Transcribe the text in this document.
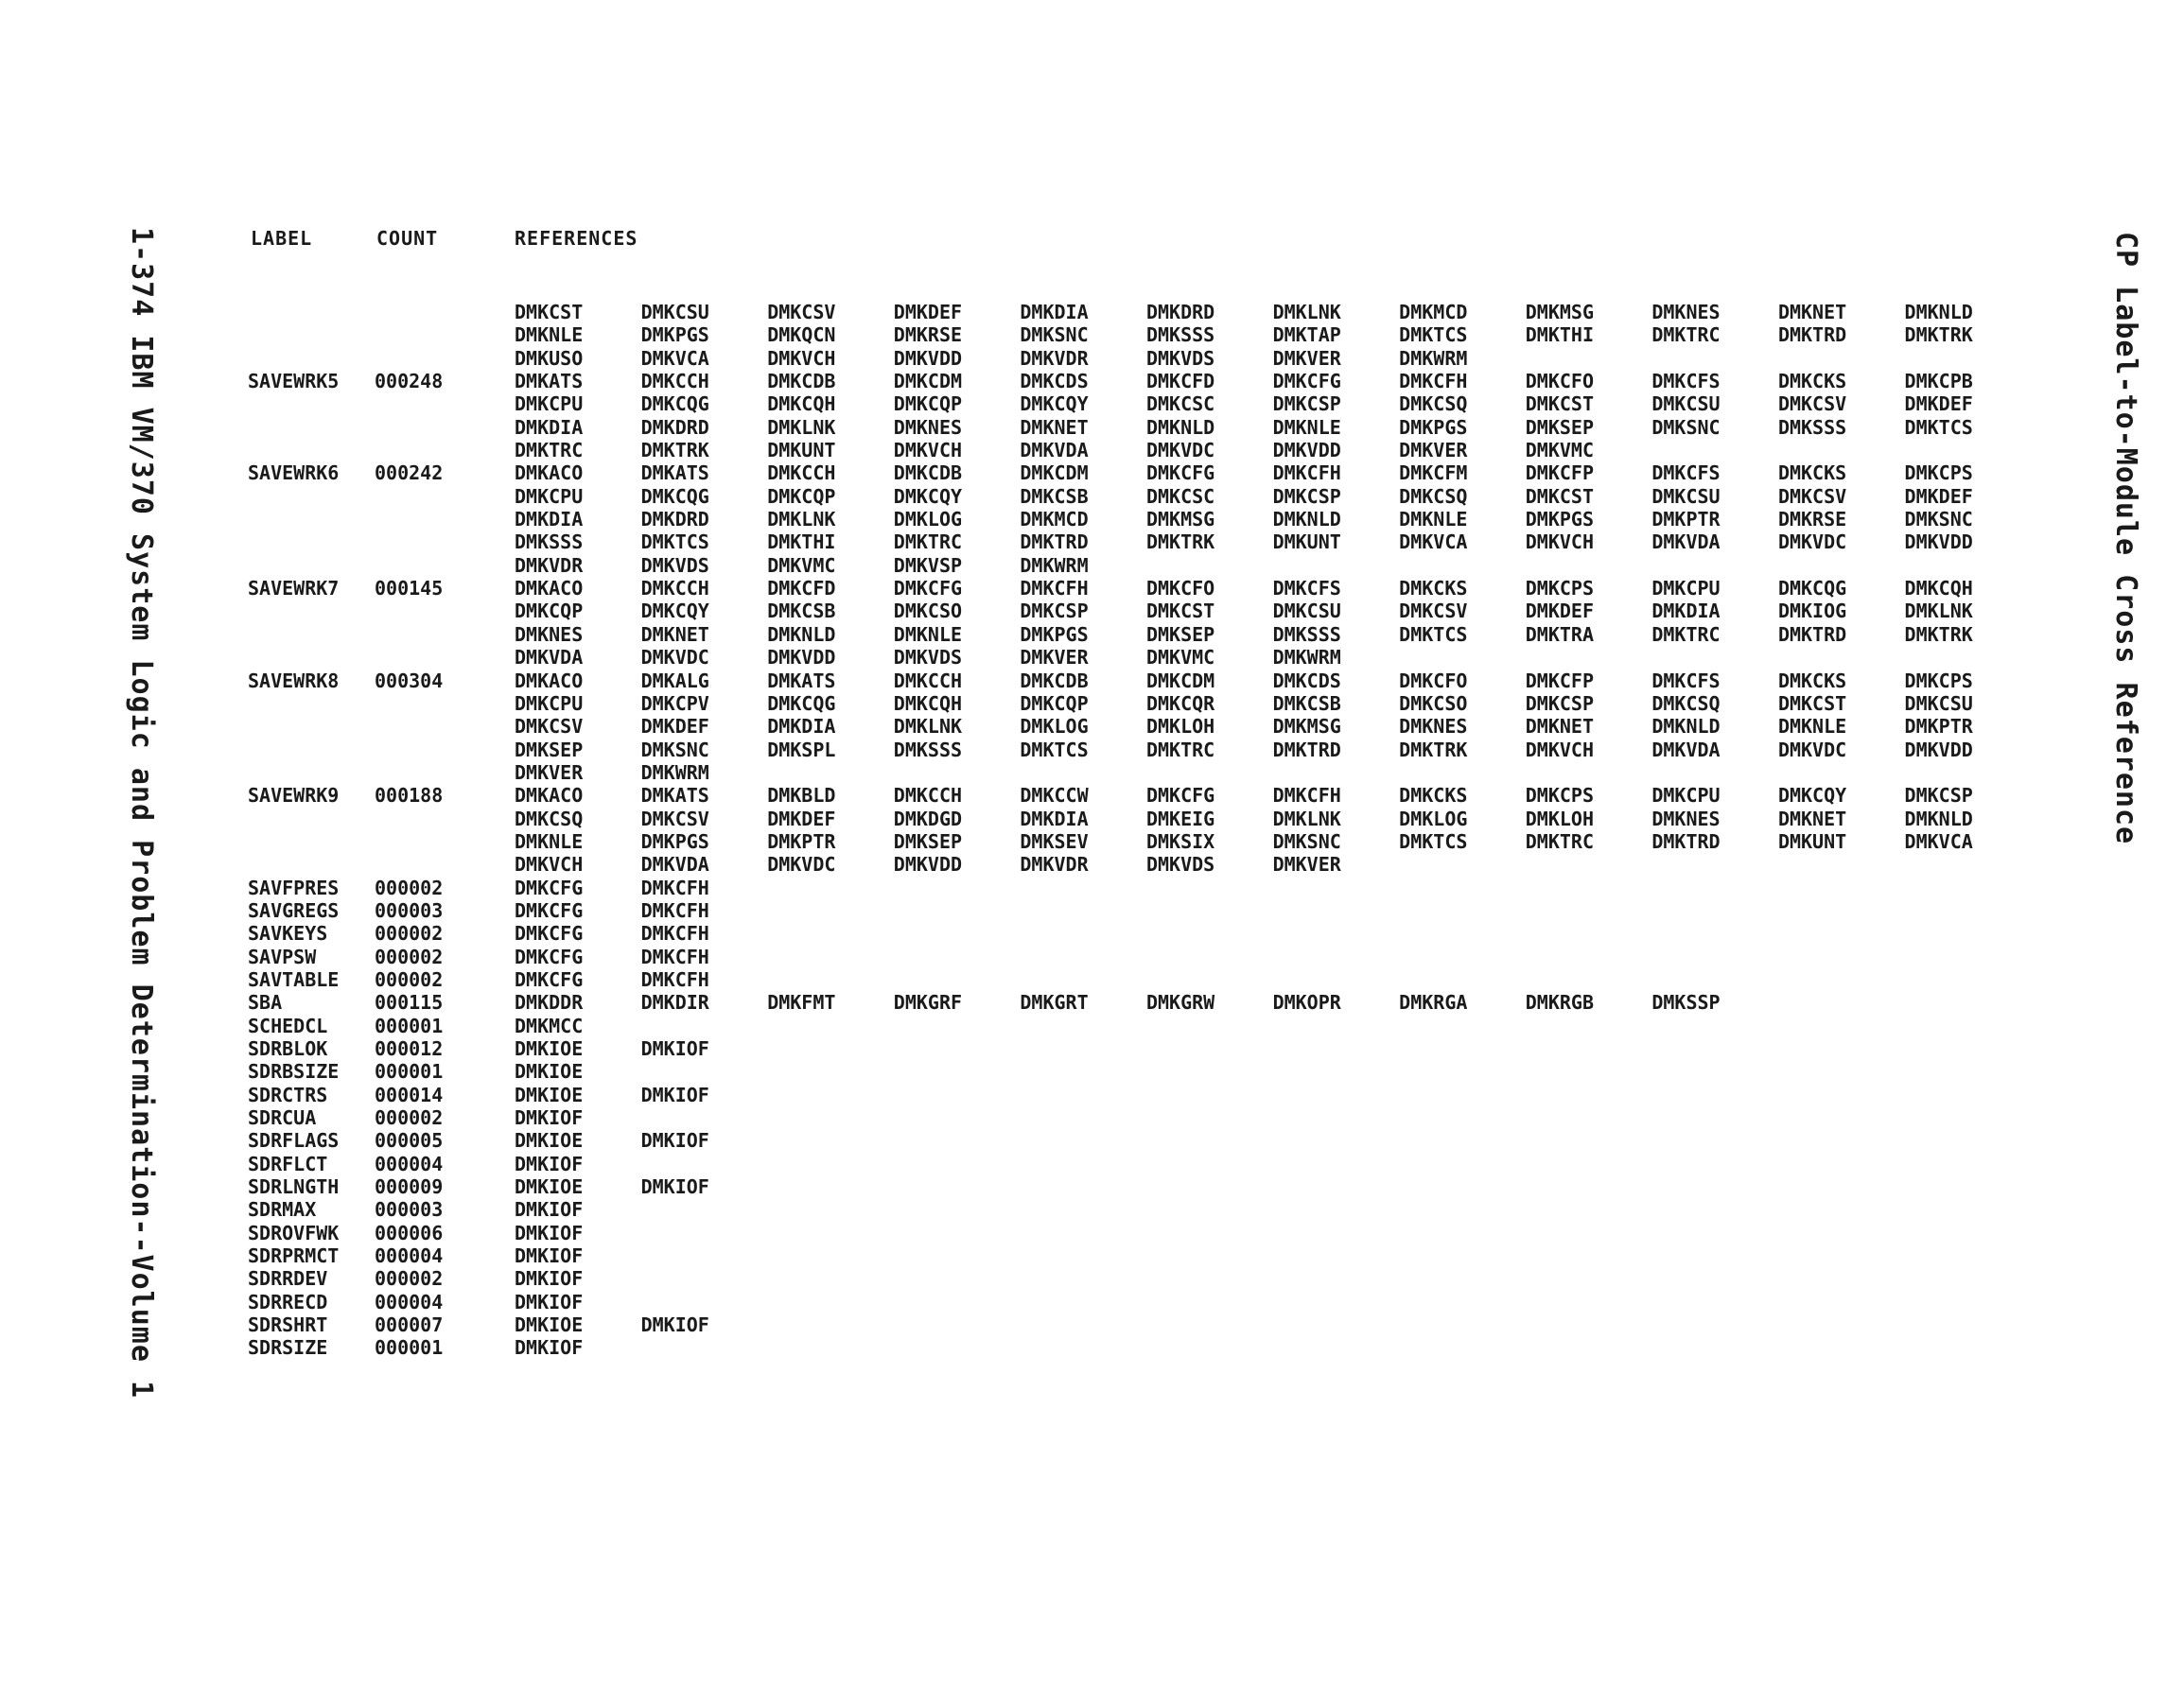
1-374 IBM VM/370 System Logic and Problem Determination--Volume 1	CP Label-to-Module Cross Reference
LABEL	COUNT	REFERENCES
DMKCST	DMKCSU	DMKCSV	DMKDEF	DMKDIA	DMKDRD	DMKLNK	DMKMCD	DMKMSG	DMKNES	DMKNET	DMKNLD
DMKNLE	DMKPGS	DMKQCN	DMKRSE	DMKSNC	DMKSSS	DMKTAP	DMKTCS	DMKTHI	DMKTRC	DMKTRD	DMKTRK
DMKUSO	DMKVCA	DMKVCH	DMKVDD	DMKVDR	DMKVDS	DMKVER	DMKWRM
SAVEWRK5	000248	DMKATS	DMKCCH	DMKCDB	DMKCDM	DMKCDS	DMKCFD	DMKCFG	DMKCFH	DMKCFO	DMKCFS	DMKCKS	DMKCPB
DMKCPU	DMKCQG	DMKCQH	DMKCQP	DMKCQY	DMKCSC	DMKCSP	DMKCSQ	DMKCST	DMKCSU	DMKCSV	DMKDEF
DMKDIA	DMKDRD	DMKLNK	DMKNES	DMKNET	DMKNLD	DMKNLE	DMKPGS	DMKSEP	DMKSNC	DMKSSS	DMKTCS
DMKTRC	DMKTRK	DMKUNT	DMKVCH	DMKVDA	DMKVDC	DMKVDD	DMKVER	DMKVMC
SAVEWRK6	000242	DMKACO	DMKATS	DMKCCH	DMKCDB	DMKCDM	DMKCFG	DMKCFH	DMKCFM	DMKCFP	DMKCFS	DMKCKS	DMKCPS
DMKCPU	DMKCQG	DMKCQP	DMKCQY	DMKCSB	DMKCSC	DMKCSP	DMKCSQ	DMKCST	DMKCSU	DMKCSV	DMKDEF
DMKDIA	DMKDRD	DMKLNK	DMKLOG	DMKMCD	DMKMSG	DMKNLD	DMKNLE	DMKPGS	DMKPTR	DMKRSE	DMKSNC
DMKSSS	DMKTCS	DMKTHI	DMKTRC	DMKTRD	DMKTRK	DMKUNT	DMKVCA	DMKVCH	DMKVDA	DMKVDC	DMKVDD
DMKVDR	DMKVDS	DMKVMC	DMKVSP	DMKWRM
SAVEWRK7	000145	DMKACO	DMKCCH	DMKCFD	DMKCFG	DMKCFH	DMKCFO	DMKCFS	DMKCKS	DMKCPS	DMKCPU	DMKCQG	DMKCQH
DMKCQP	DMKCQY	DMKCSB	DMKCSO	DMKCSP	DMKCST	DMKCSU	DMKCSV	DMKDEF	DMKDIA	DMKIOG	DMKLNK
DMKNES	DMKNET	DMKNLD	DMKNLE	DMKPGS	DMKSEP	DMKSSS	DMKTCS	DMKTRA	DMKTRC	DMKTRD	DMKTRK
DMKVDA	DMKVDC	DMKVDD	DMKVDS	DMKVER	DMKVMC	DMKWRM
SAVEWRK8	000304	DMKACO	DMKALG	DMKATS	DMKCCH	DMKCDB	DMKCDM	DMKCDS	DMKCFO	DMKCFP	DMKCFS	DMKCKS	DMKCPS
DMKCPU	DMKCPV	DMKCQG	DMKCQH	DMKCQP	DMKCQR	DMKCSB	DMKCSO	DMKCSP	DMKCSQ	DMKCST	DMKCSU
DMKCSV	DMKDEF	DMKDIA	DMKLNK	DMKLOG	DMKLOH	DMKMSG	DMKNES	DMKNET	DMKNLD	DMKNLE	DMKPTR
DMKSEP	DMKSNC	DMKSPL	DMKSSS	DMKTCS	DMKTRC	DMKTRD	DMKTRK	DMKVCH	DMKVDA	DMKVDC	DMKVDD
DMKVER	DMKWRM
SAVEWRK9	000188	DMKACO	DMKATS	DMKBLD	DMKCCH	DMKCCW	DMKCFG	DMKCFH	DMKCKS	DMKCPS	DMKCPU	DMKCQY	DMKCSP
DMKCSQ	DMKCSV	DMKDEF	DMKDGD	DMKDIA	DMKEIG	DMKLNK	DMKLOG	DMKLOH	DMKNES	DMKNET	DMKNLD
DMKNLE	DMKPGS	DMKPTR	DMKSEP	DMKSEV	DMKSIX	DMKSNC	DMKTCS	DMKTRC	DMKTRD	DMKUNT	DMKVCA
DMKVCH	DMKVDA	DMKVDC	DMKVDD	DMKVDR	DMKVDS	DMKVER
SAVFPRES	000002	DMKCFG	DMKCFH
SAVGREGS	000003	DMKCFG	DMKCFH
SAVKEYS	000002	DMKCFG	DMKCFH
SAVPSW	000002	DMKCFG	DMKCFH
SAVTABLE	000002	DMKCFG	DMKCFH
SBA	000115	DMKDDR	DMKDIR	DMKFMT	DMKGRF	DMKGRT	DMKGRW	DMKOPR	DMKRGA	DMKRGB	DMKSSP
SCHEDCL	000001	DMKMCC
SDRBLOK	000012	DMKIOE	DMKIOF
SDRBSIZE	000001	DMKIOE
SDRCTRS	000014	DMKIOE	DMKIOF
SDRCUA	000002	DMKIOF
SDRFLAGS	000005	DMKIOE	DMKIOF
SDRFLCT	000004	DMKIOF
SDRLNGTH	000009	DMKIOE	DMKIOF
SDRMAX	000003	DMKIOF
SDROVFWK	000006	DMKIOF
SDRPRMCT	000004	DMKIOF
SDRRDEV	000002	DMKIOF
SDRRECD	000004	DMKIOF
SDRSHRT	000007	DMKIOE	DMKIOF
SDRSIZE	000001	DMKIOF
